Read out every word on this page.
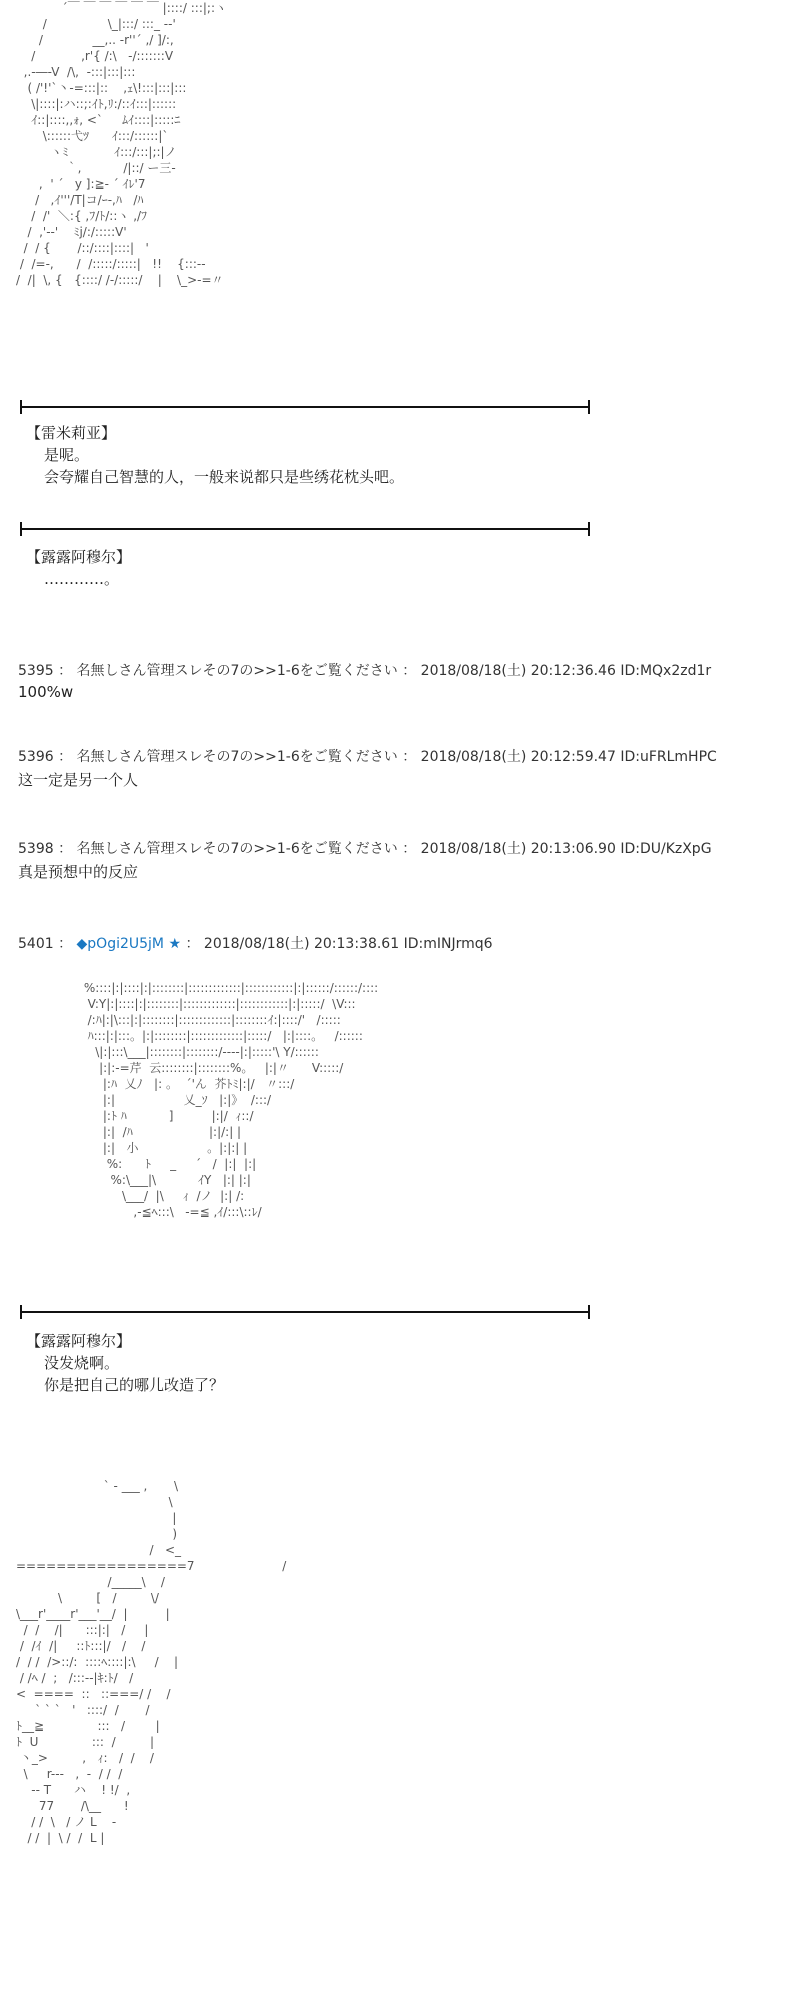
´￣ ￣ ￣ ￣ ￣ ￣ |::::/ :::|;:ヽ
/                \_|:::/ :::_ -‐'
/             __,.. -r''´ ,/ ]/:,
/            ,r'{ /:\   ‐/:::::::V
,.-―‐V  /\,  ‐:::|:::|:::
( /'!'`丶‐=:::|::    ,ｪ\!:::|:::|:::
\|::::|:ハ::;:ｲﾄ,ﾘ:/::ｲ:::|::::::
ｲ::|::::,,ｫ, <`     ﾑｲ::::|:::::ﾆ
\::::::弋ﾂ      ｲ:::/::::::|`
ヽﾐ            ｲ:::/:::|;:|ノ
｀,           /|::/ ー三‐
,  ' ´   y ]:≧‐ ´ ｲﾚ'7
/   ,ｲ'''/T|コ/ｰ-,ﾊ   /ﾊ
/  /'  ＼:{ ,ﾌ/ﾄ/::ヽ ,/ﾌ
/  ,'‐-'    ﾐj/:/:::::V'
/  / {       /::/::::|::::|   '
/  /=-,      /  /:::::/:::::|   !!    {:::-‐
/  /|  \, {   {::::/ /‐/:::::/    |    \_>‐=〃
【雷米莉亚】
是呢。
会夸耀自己智慧的人，一般来说都只是些绣花枕头吧。
【露露阿穆尔】
…………。
5395 ： 名無しさん管理スレその7の>>1-6をご覧ください ： 2018/08/18(土) 20:12:36.46 ID:MQx2zd1r
100%w
5396 ： 名無しさん管理スレその7の>>1-6をご覧ください ： 2018/08/18(土) 20:12:59.47 ID:uFRLmHPC
这一定是另一个人
5398 ： 名無しさん管理スレその7の>>1-6をご覧ください ： 2018/08/18(土) 20:13:06.90 ID:DU/KzXpG
真是预想中的反应
5401 ： ◆pOgi2U5jM ★ ： 2018/08/18(土) 20:13:38.61 ID:mINJrmq6
%::::|:|::::|:|::::::::|:::::::::::::|::::::::::::|:|::::::/::::::/::::
V:Y|:|::::|:|::::::::|:::::::::::::|::::::::::::|:|:::::/  \V:::
/:ﾊ|:|\:::|:|::::::::|:::::::::::::|::::::::ｲ:|::::/'   /:::::
ﾊ:::|:|:::。|:|::::::::|:::::::::::::|:::::/   |:|::::。   /::::::
\|:|:::\___|::::::::|::::::::/----|:|:::::'\ Y/::::::
|:|:-=芹  云::::::::|::::::::%。   |:|〃      V:::::/
|:ﾊ  乂ﾉ   |: 。  ´'ん  芥ﾄﾐ|:|/   〃:::/
|:|                  乂_ｿ   |:|》  /:::/
|:ﾄ ﾊ           ]          |:|/  ｨ::/
|:|  /ﾊ                    |:|/:| |
|:|   小                  。|:|:| |
%:      ﾄ     _     ´   /  |:|  |:|
%:\___|\           ｲY   |:| |:|
\___/  |\     ｨ  /ノ  |:| /:
,-≦ﾍ:::\   -=≦ ,ｲ/:::\::ﾚ/
【露露阿穆尔】
没发烧啊。
你是把自己的哪儿改造了？
` ‐ ___ ,       \
\
|
)
/   <_
=================7                       /
/_____\    /
\         [   /         \/
\___r'____r'___'__/  |          |
/  /    /|      :::|:|   /     |
/  /ｲ  /|     ::ﾄ:::|/   /    /
/  / /  />::/:  ::::ﾍ::::|:\     /    |
/ /ﾍ /  ;   /:::‐‐|ｷ:ﾄ/   /
<  ====  ::   ::===/ /    /
` ` `   '   ::::/  /       /
ﾄ__≧              :::   /        |
ﾄ  U              :::  /         |
丶_>         ,   ｨ:   /  /    /
\     r---   ,  ‐  / /  /
-- T      ハ    ! !/  ,
77       /\__      !
/ /  \   / ノ L    ‐
/ /  |  \ /  /  L |
